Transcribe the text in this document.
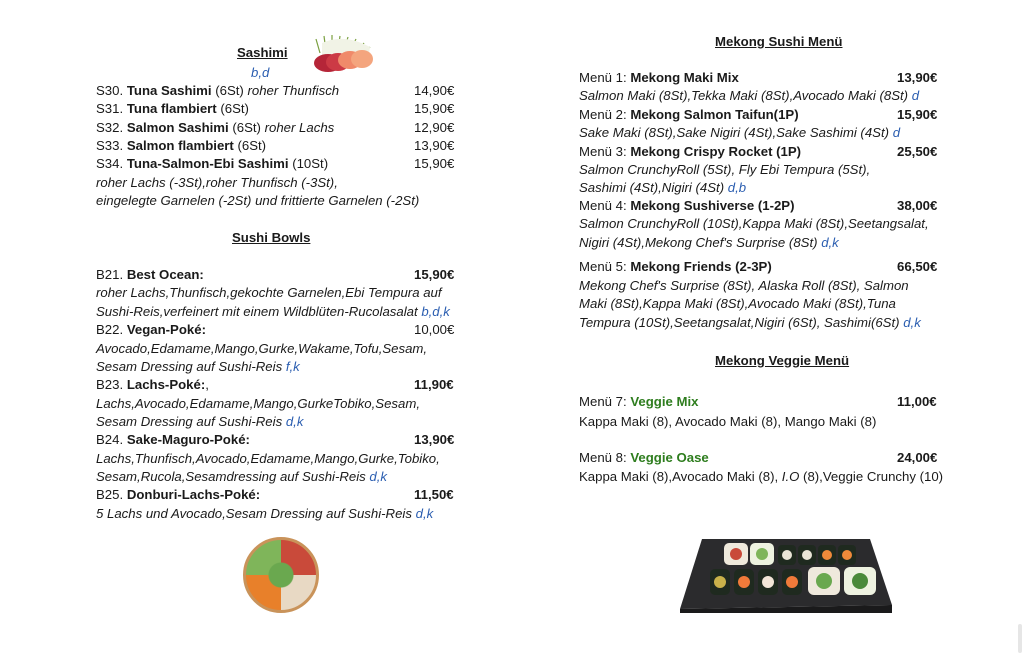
Sashimi
b,d
S30. Tuna Sashimi (6St) roher Thunfisch	14,90€
S31. Tuna flambiert (6St)	15,90€
S32. Salmon Sashimi (6St) roher Lachs	12,90€
S33. Salmon flambiert (6St)	13,90€
S34. Tuna-Salmon-Ebi Sashimi (10St)	15,90€
roher Lachs (-3St),roher Thunfisch (-3St),
eingelegte Garnelen (-2St) und frittierte Garnelen (-2St)
Sushi Bowls
B21. Best Ocean:	15,90€
roher Lachs,Thunfisch,gekochte Garnelen,Ebi Tempura auf
Sushi-Reis,verfeinert mit einem Wildblüten-Rucolasalat b,d,k
B22. Vegan-Poké:	10,00€
Avocado,Edamame,Mango,Gurke,Wakame,Tofu,Sesam,
Sesam Dressing auf Sushi-Reis f,k
B23. Lachs-Poké:,	11,90€
Lachs,Avocado,Edamame,Mango,GurkeTobiko,Sesam,
Sesam Dressing auf Sushi-Reis d,k
B24. Sake-Maguro-Poké:	13,90€
Lachs,Thunfisch,Avocado,Edamame,Mango,Gurke,Tobiko,
Sesam,Rucola,Sesamdressing auf Sushi-Reis d,k
B25. Donburi-Lachs-Poké:	11,50€
5 Lachs und Avocado,Sesam Dressing auf Sushi-Reis d,k
Mekong Sushi Menü
Menü 1: Mekong Maki Mix	13,90€
Salmon Maki (8St),Tekka Maki (8St),Avocado Maki (8St) d
Menü 2: Mekong Salmon Taifun(1P)	15,90€
Sake Maki (8St),Sake Nigiri (4St),Sake Sashimi (4St) d
Menü 3: Mekong Crispy Rocket (1P)	25,50€
Salmon CrunchyRoll (5St), Fly Ebi Tempura (5St),
Sashimi (4St),Nigiri (4St) d,b
Menü 4: Mekong Sushiverse (1-2P)	38,00€
Salmon CrunchyRoll (10St),Kappa Maki (8St),Seetangsalat,
Nigiri (4St),Mekong Chef's Surprise (8St) d,k
Menü 5: Mekong Friends (2-3P)	66,50€
Mekong Chef's Surprise (8St), Alaska Roll (8St), Salmon
Maki (8St),Kappa Maki (8St),Avocado Maki (8St),Tuna
Tempura (10St),Seetangsalat,Nigiri (6St), Sashimi(6St) d,k
Mekong Veggie Menü
Menü 7: Veggie Mix	11,00€
Kappa Maki (8), Avocado Maki (8), Mango Maki (8)
Menü 8: Veggie Oase	24,00€
Kappa Maki (8),Avocado Maki (8), I.O (8),Veggie Crunchy (10)
